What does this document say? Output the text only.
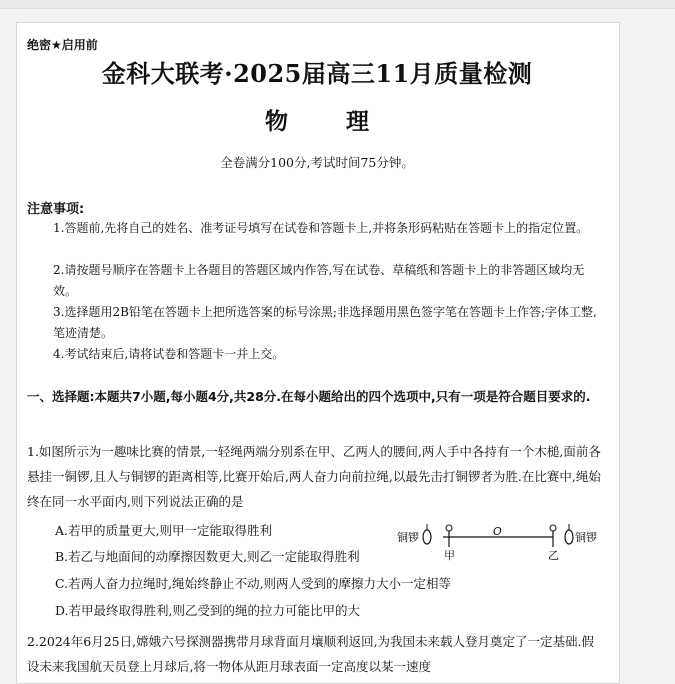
绝密★启用前
金科大联考·2025届高三11月质量检测
物 理
全卷满分100分,考试时间75分钟。
注意事项:
1.答题前,先将自己的姓名、准考证号填写在试卷和答题卡上,并将条形码粘贴在答题卡上的指定位置。
2.请按题号顺序在答题卡上各题目的答题区域内作答,写在试卷、草稿纸和答题卡上的非答题区域均无效。
3.选择题用2B铅笔在答题卡上把所选答案的标号涂黑;非选择题用黑色签字笔在答题卡上作答;字体工整,笔迹清楚。
4.考试结束后,请将试卷和答题卡一并上交。
一、选择题:本题共7小题,每小题4分,共28分.在每小题给出的四个选项中,只有一项是符合题目要求的.
1.如图所示为一趣味比赛的情景,一轻绳两端分别系在甲、乙两人的腰间,两人手中各持有一个木槌,面前各悬挂一铜锣,且人与铜锣的距离相等,比赛开始后,两人奋力向前拉绳,以最先击打铜锣者为胜.在比赛中,绳始终在同一水平面内,则下列说法正确的是
A.若甲的质量更大,则甲一定能取得胜利
B.若乙与地面间的动摩擦因数更大,则乙一定能取得胜利
C.若两人奋力拉绳时,绳始终静止不动,则两人受到的摩擦力大小一定相等
D.若甲最终取得胜利,则乙受到的绳的拉力可能比甲的大
铜锣
甲
O
乙
铜锣
2.2024年6月25日,嫦娥六号探测器携带月球背面月壤顺利返回,为我国未来载人登月奠定了一定基础.假设未来我国航天员登上月球后,将一物体从距月球表面一定高度以某一速度
